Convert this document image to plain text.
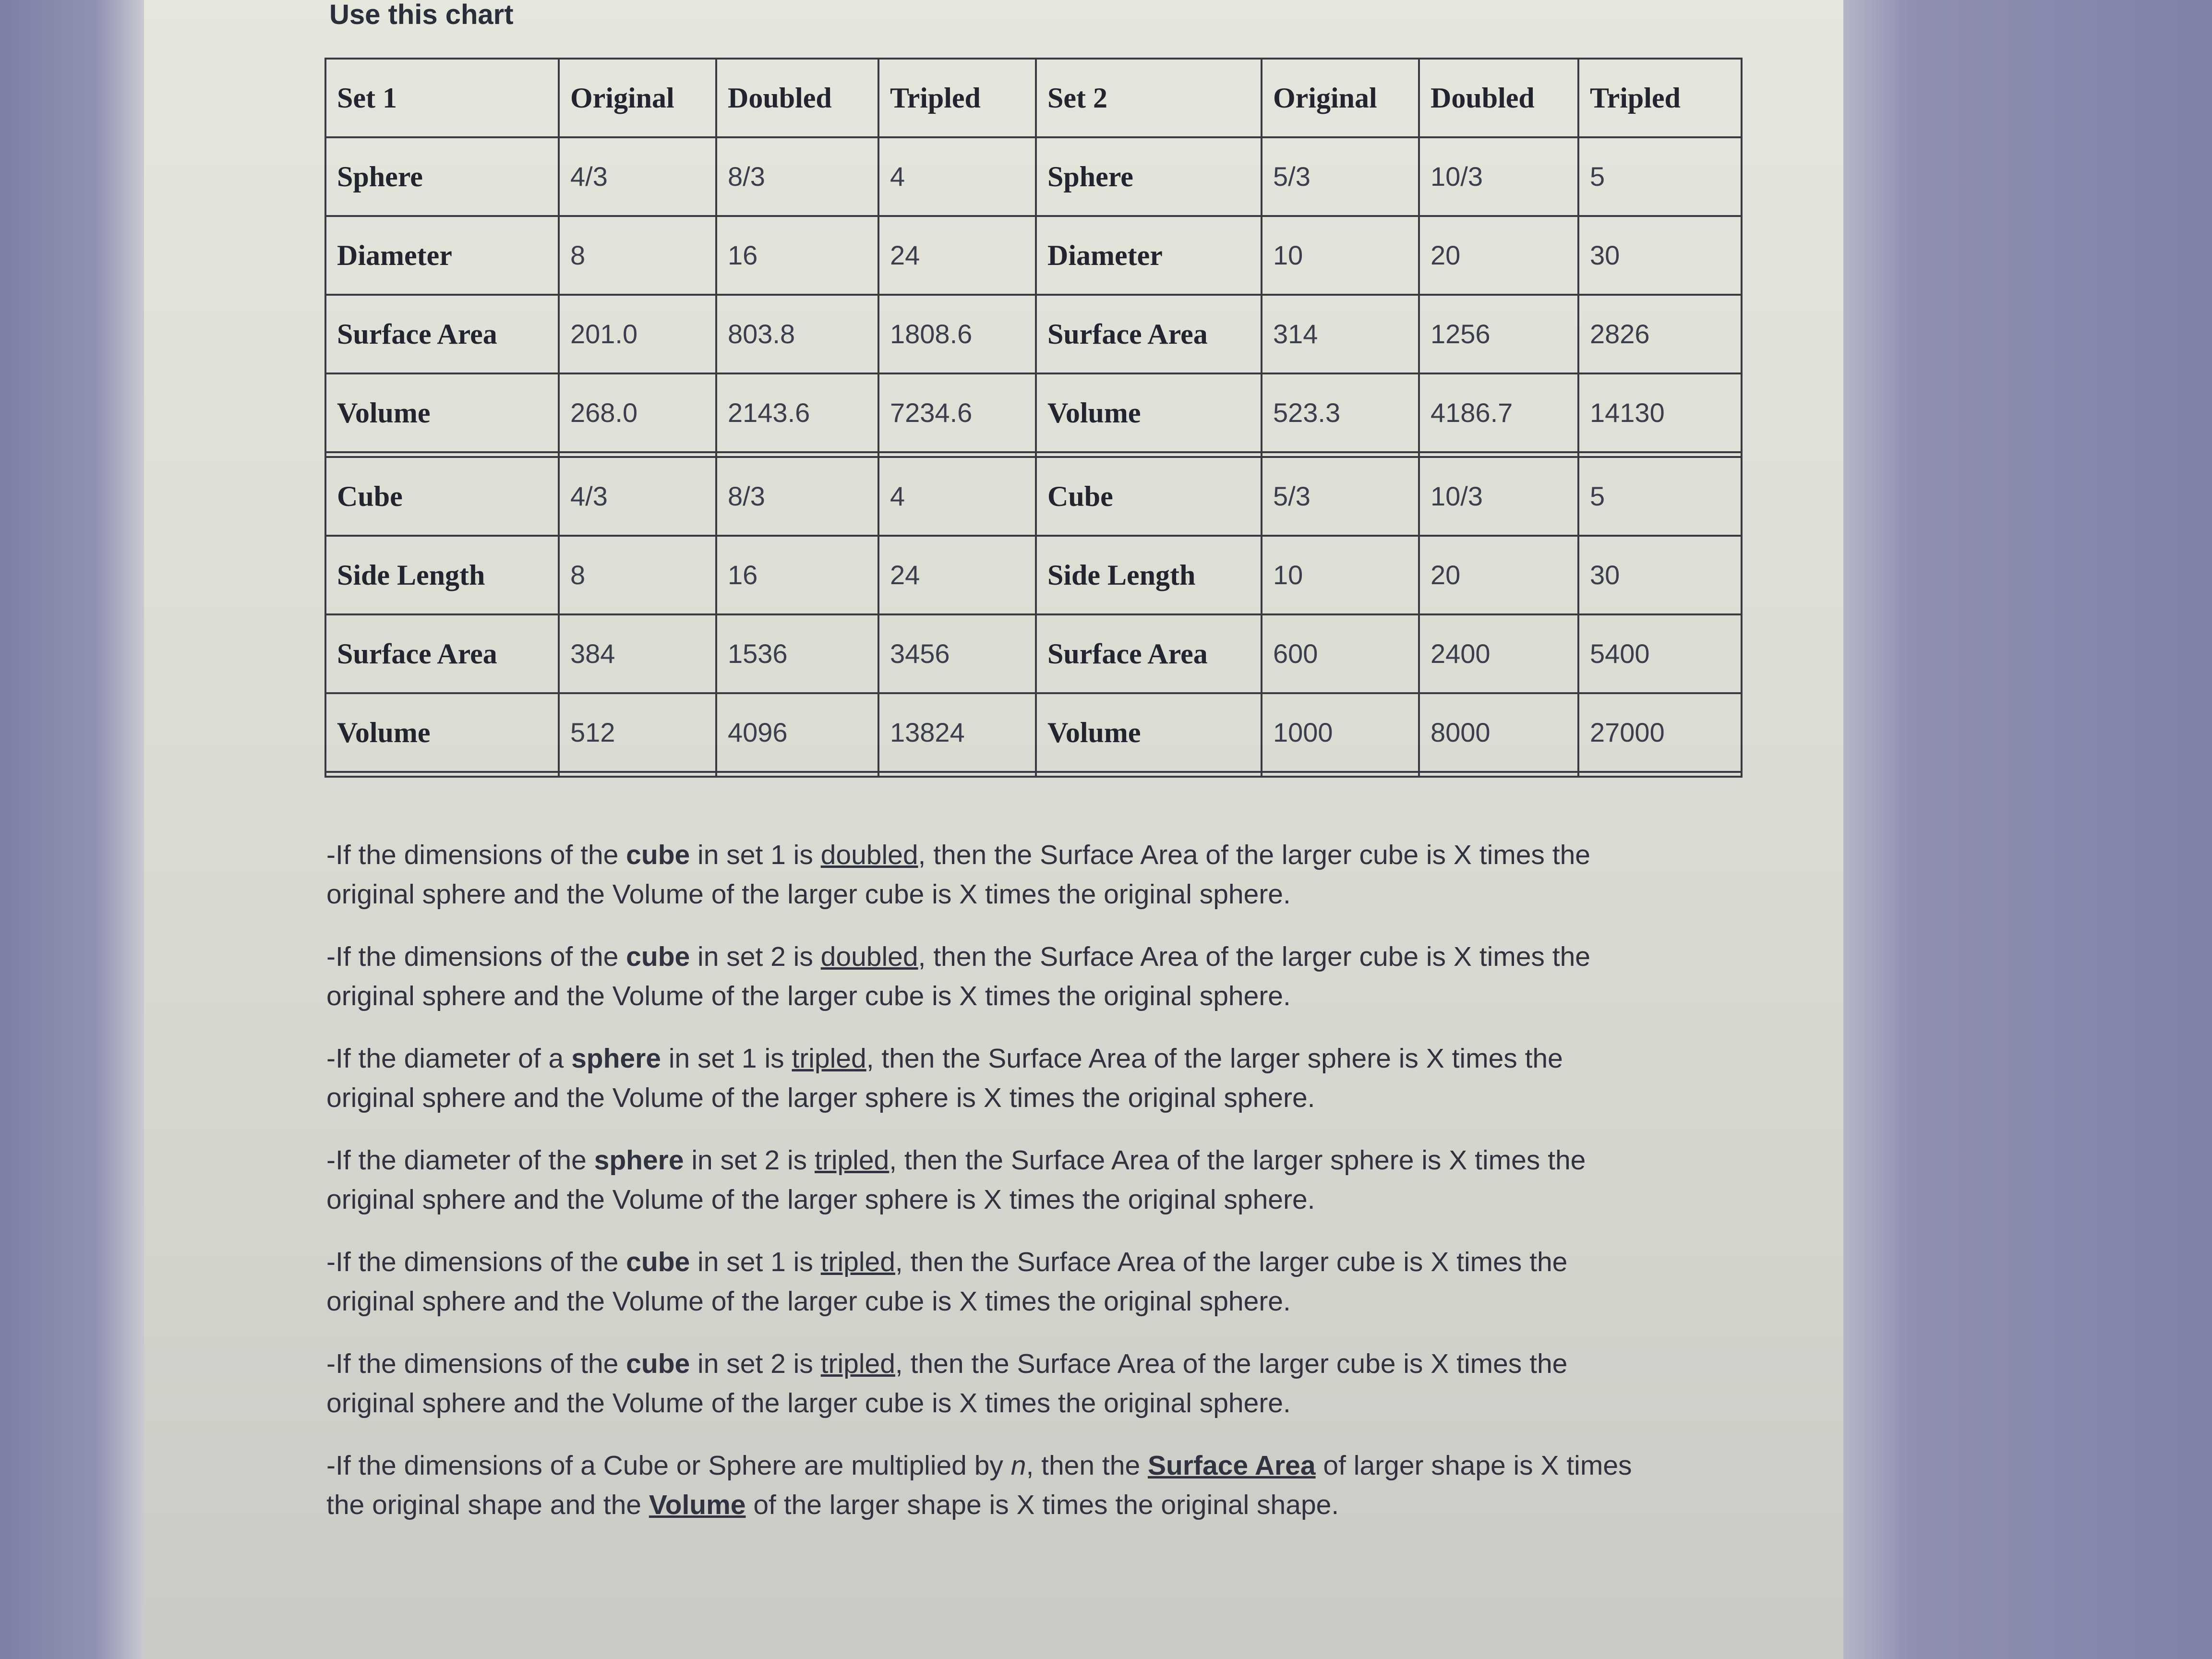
Use this chart
Set 1	Original	Doubled	Tripled	Set 2	Original	Doubled	Tripled
Sphere	4/3	8/3	4	Sphere	5/3	10/3	5
Diameter	8	16	24	Diameter	10	20	30
Surface Area	201.0	803.8	1808.6	Surface Area	314	1256	2826
Volume	268.0	2143.6	7234.6	Volume	523.3	4186.7	14130

Cube	4/3	8/3	4	Cube	5/3	10/3	5
Side Length	8	16	24	Side Length	10	20	30
Surface Area	384	1536	3456	Surface Area	600	2400	5400
Volume	512	4096	13824	Volume	1000	8000	27000

-If the dimensions of the cube in set 1 is doubled, then the Surface Area of the larger cube is X times the original sphere and the Volume of the larger cube is X times the original sphere.

-If the dimensions of the cube in set 2 is doubled, then the Surface Area of the larger cube is X times the original sphere and the Volume of the larger cube is X times the original sphere.

-If the diameter of a sphere in set 1 is tripled, then the Surface Area of the larger sphere is X times the original sphere and the Volume of the larger sphere is X times the original sphere.

-If the diameter of the sphere in set 2 is tripled, then the Surface Area of the larger sphere is X times the original sphere and the Volume of the larger sphere is X times the original sphere.

-If the dimensions of the cube in set 1 is tripled, then the Surface Area of the larger cube is X times the original sphere and the Volume of the larger cube is X times the original sphere.

-If the dimensions of the cube in set 2 is tripled, then the Surface Area of the larger cube is X times the original sphere and the Volume of the larger cube is X times the original sphere.

-If the dimensions of a Cube or Sphere are multiplied by n, then the Surface Area of larger shape is X times the original shape and the Volume of the larger shape is X times the original shape.
